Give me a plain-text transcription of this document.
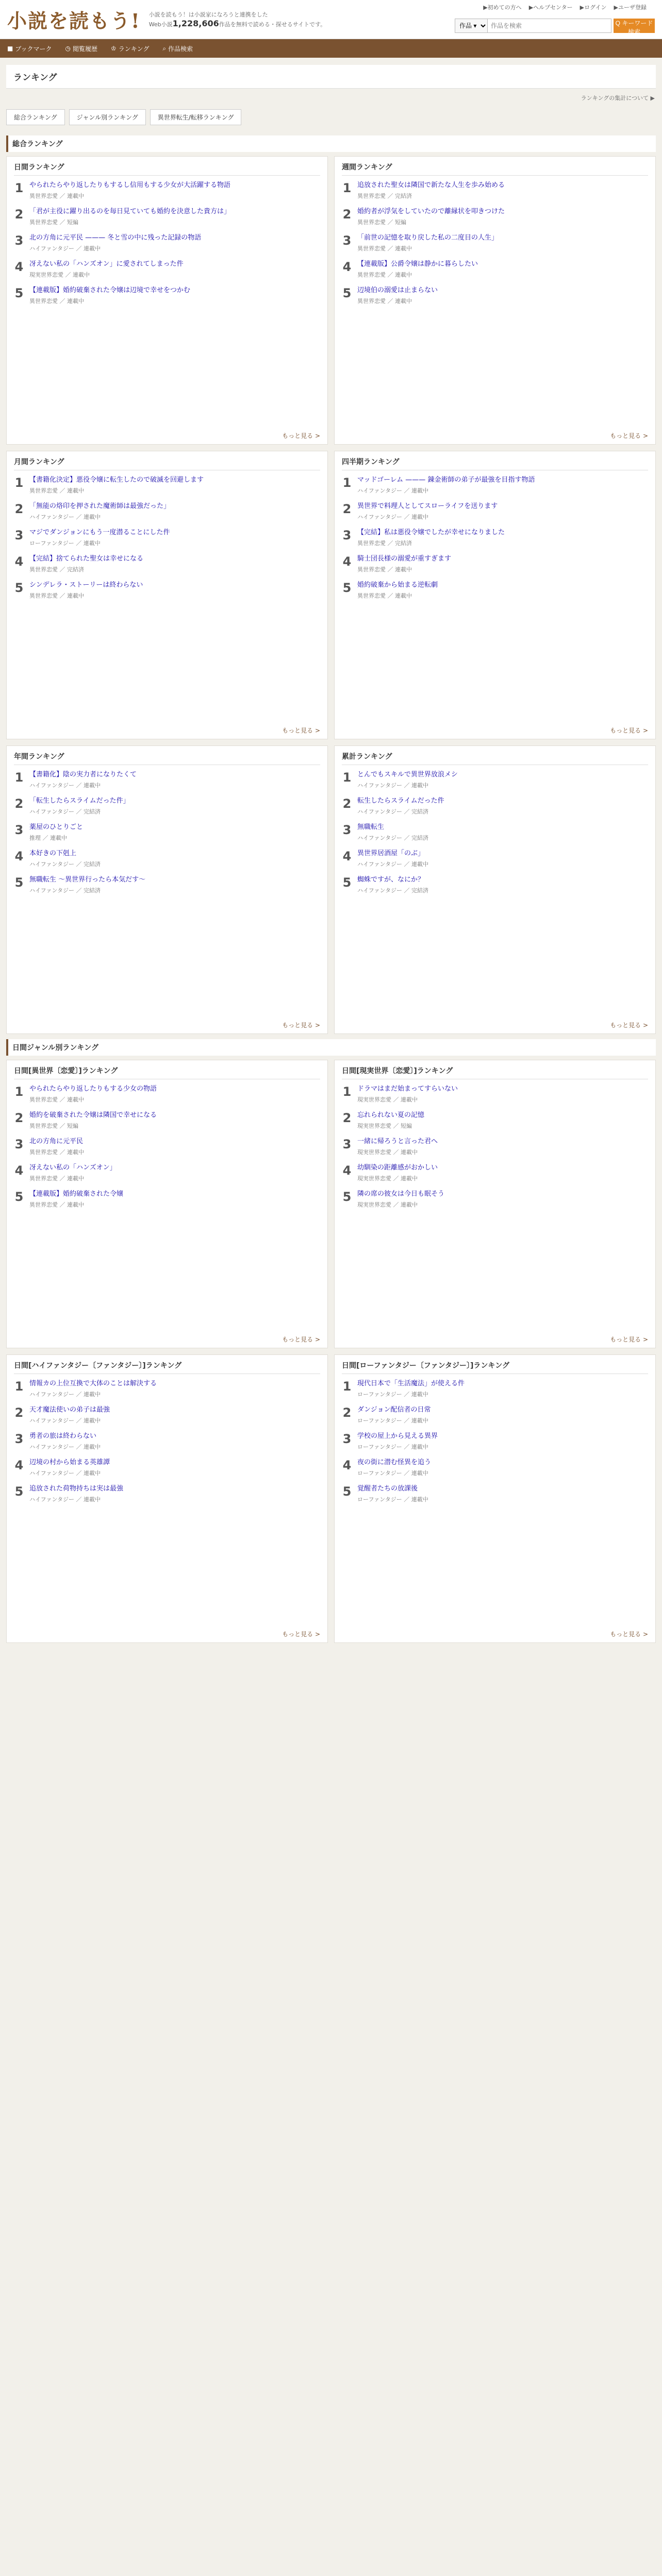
小説を読もう! 小説を読もう！は小説家になろうと連携をした
Web小説1,228,606作品を無料で読める・探せるサイトです。
▶初めての方へ ▶ヘルプセンター ▶ログイン ▶ユーザ登録
作品 ▾
作品を検索
Q キーワード検索
■ ブックマーク ◷ 閲覧履歴 ♔ ランキング ⌕ 作品検索
ランキング
ランキングの集計について ▶
総合ランキング	ジャンル別ランキング	異世界転生/転移ランキング
総合ランキング
日間ランキング
1 やられたらやり返したりもするし信用もする少女が大活躍する物語
異世界恋愛 ／ 連載中
2 「君が主役に躍り出るのを毎日見ていても婚約を決意した貴方は」
異世界恋愛 ／ 短編
3 北の方角に元平民 ——— 冬と雪の中に残った記録の物語
ハイファンタジー ／ 連載中
4 冴えない私の「ハンズオン」に愛されてしまった件
現実世界恋愛 ／ 連載中
5 【連載版】婚約破棄された令嬢は辺境で幸せをつかむ
異世界恋愛 ／ 連載中
もっと見る >
週間ランキング
1 追放された聖女は隣国で新たな人生を歩み始める
異世界恋愛 ／ 完結済
2 婚約者が浮気をしていたので離縁状を叩きつけた
異世界恋愛 ／ 短編
3 「前世の記憶を取り戻した私の二度目の人生」
異世界恋愛 ／ 連載中
4 【連載版】公爵令嬢は静かに暮らしたい
異世界恋愛 ／ 連載中
5 辺境伯の溺愛は止まらない
異世界恋愛 ／ 連載中
もっと見る >
月間ランキング
1 【書籍化決定】悪役令嬢に転生したので破滅を回避します
異世界恋愛 ／ 連載中
2 「無能の烙印を押された魔術師は最強だった」
ハイファンタジー ／ 連載中
3 マジでダンジョンにもう一度潜ることにした件
ローファンタジー ／ 連載中
4 【完結】捨てられた聖女は幸せになる
異世界恋愛 ／ 完結済
5 シンデレラ・ストーリーは終わらない
異世界恋愛 ／ 連載中
もっと見る >
四半期ランキング
1 マッドゴーレム ——— 錬金術師の弟子が最強を目指す物語
ハイファンタジー ／ 連載中
2 異世界で料理人としてスローライフを送ります
ハイファンタジー ／ 連載中
3 【完結】私は悪役令嬢でしたが幸せになりました
異世界恋愛 ／ 完結済
4 騎士団長様の溺愛が重すぎます
異世界恋愛 ／ 連載中
5 婚約破棄から始まる逆転劇
異世界恋愛 ／ 連載中
もっと見る >
年間ランキング
1 【書籍化】陰の実力者になりたくて
ハイファンタジー ／ 連載中
2 「転生したらスライムだった件」
ハイファンタジー ／ 完結済
3 薬屋のひとりごと
推理 ／ 連載中
4 本好きの下剋上
ハイファンタジー ／ 完結済
5 無職転生 ～異世界行ったら本気だす～
ハイファンタジー ／ 完結済
もっと見る >
累計ランキング
1 とんでもスキルで異世界放浪メシ
ハイファンタジー ／ 連載中
2 転生したらスライムだった件
ハイファンタジー ／ 完結済
3 無職転生
ハイファンタジー ／ 完結済
4 異世界居酒屋「のぶ」
ハイファンタジー ／ 連載中
5 蜘蛛ですが、なにか？
ハイファンタジー ／ 完結済
もっと見る >
日間ジャンル別ランキング
日間[異世界〔恋愛〕]ランキング
1 やられたらやり返したりもする少女の物語
異世界恋愛 ／ 連載中
2 婚約を破棄された令嬢は隣国で幸せになる
異世界恋愛 ／ 短編
3 北の方角に元平民
異世界恋愛 ／ 連載中
4 冴えない私の「ハンズオン」
異世界恋愛 ／ 連載中
5 【連載版】婚約破棄された令嬢
異世界恋愛 ／ 連載中
もっと見る >
日間[現実世界〔恋愛〕]ランキング
1 ドラマはまだ始まってすらいない
現実世界恋愛 ／ 連載中
2 忘れられない夏の記憶
現実世界恋愛 ／ 短編
3 一緒に帰ろうと言った君へ
現実世界恋愛 ／ 連載中
4 幼馴染の距離感がおかしい
現実世界恋愛 ／ 連載中
5 隣の席の彼女は今日も眠そう
現実世界恋愛 ／ 連載中
もっと見る >
日間[ハイファンタジー〔ファンタジー〕]ランキング
1 情報カの上位互換で大体のことは解決する
ハイファンタジー ／ 連載中
2 天才魔法使いの弟子は最強
ハイファンタジー ／ 連載中
3 勇者の旅は終わらない
ハイファンタジー ／ 連載中
4 辺境の村から始まる英雄譚
ハイファンタジー ／ 連載中
5 追放された荷物持ちは実は最強
ハイファンタジー ／ 連載中
もっと見る >
日間[ローファンタジー〔ファンタジー〕]ランキング
1 現代日本で「生活魔法」が使える件
ローファンタジー ／ 連載中
2 ダンジョン配信者の日常
ローファンタジー ／ 連載中
3 学校の屋上から見える異界
ローファンタジー ／ 連載中
4 夜の街に潜む怪異を追う
ローファンタジー ／ 連載中
5 覚醒者たちの放課後
ローファンタジー ／ 連載中
もっと見る >
